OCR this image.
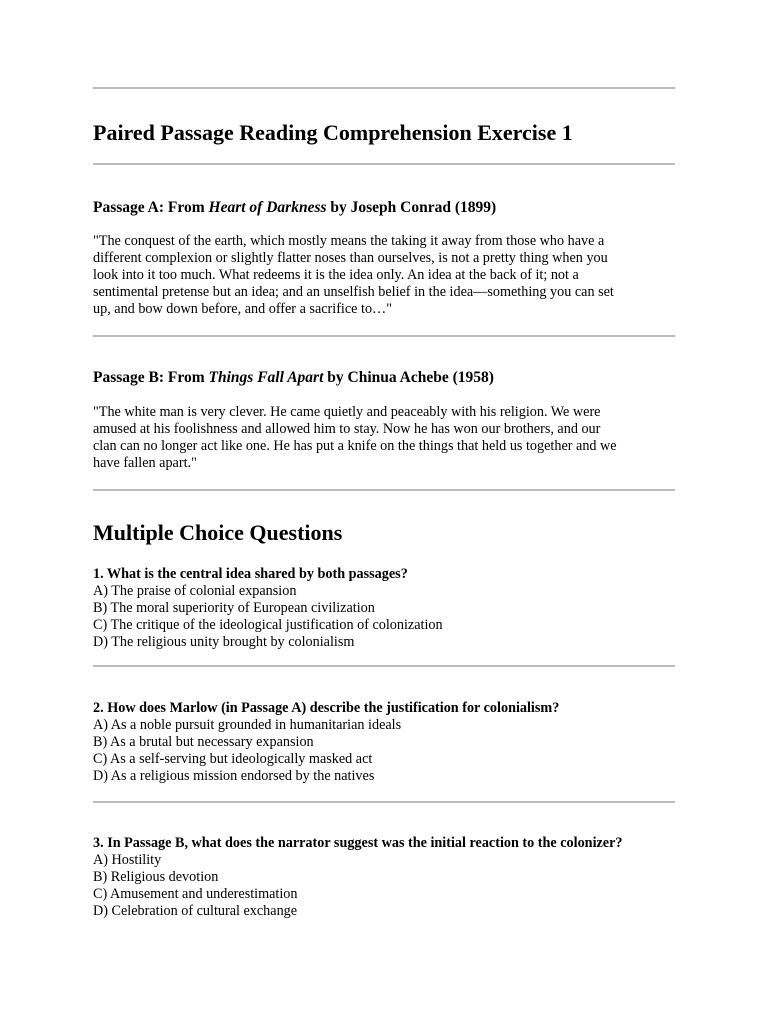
Paired Passage Reading Comprehension Exercise 1
Passage A: From Heart of Darkness by Joseph Conrad (1899)

"The conquest of the earth, which mostly means the taking it away from those who have a
different complexion or slightly flatter noses than ourselves, is not a pretty thing when you
look into it too much. What redeems it is the idea only. An idea at the back of it; not a
sentimental pretense but an idea; and an unselfish belief in the idea—something you can set
up, and bow down before, and offer a sacrifice to…"

Passage B: From Things Fall Apart by Chinua Achebe (1958)

"The white man is very clever. He came quietly and peaceably with his religion. We were
amused at his foolishness and allowed him to stay. Now he has won our brothers, and our
clan can no longer act like one. He has put a knife on the things that held us together and we
have fallen apart."

Multiple Choice Questions
1. What is the central idea shared by both passages?
A) The praise of colonial expansion
B) The moral superiority of European civilization
C) The critique of the ideological justification of colonization
D) The religious unity brought by colonialism
2. How does Marlow (in Passage A) describe the justification for colonialism?
A) As a noble pursuit grounded in humanitarian ideals
B) As a brutal but necessary expansion
C) As a self-serving but ideologically masked act
D) As a religious mission endorsed by the natives
3. In Passage B, what does the narrator suggest was the initial reaction to the colonizer?
A) Hostility
B) Religious devotion
C) Amusement and underestimation
D) Celebration of cultural exchange
